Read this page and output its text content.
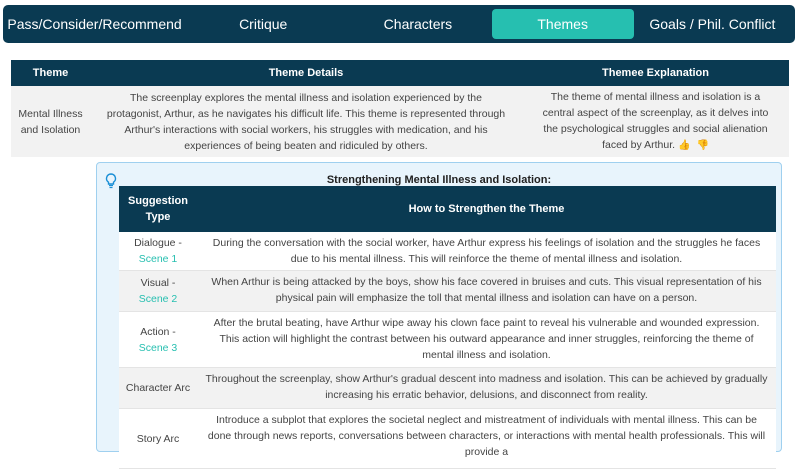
Pass/Consider/Recommend	Critique	Characters	Themes	Goals / Phil. Conflict
Theme	Theme Details	Themee Explanation
Mental Illness and Isolation	The screenplay explores the mental illness and isolation experienced by the protagonist, Arthur, as he navigates his difficult life. This theme is represented through Arthur's interactions with social workers, his struggles with medication, and his experiences of being beaten and ridiculed by others.	The theme of mental illness and isolation is a central aspect of the screenplay, as it delves into the psychological struggles and social alienation faced by Arthur. 👍 👎
Strengthening Mental Illness and Isolation:
Suggestion Type	How to Strengthen the Theme
Dialogue - Scene 1	During the conversation with the social worker, have Arthur express his feelings of isolation and the struggles he faces due to his mental illness. This will reinforce the theme of mental illness and isolation.
Visual - Scene 2	When Arthur is being attacked by the boys, show his face covered in bruises and cuts. This visual representation of his physical pain will emphasize the toll that mental illness and isolation can have on a person.
Action - Scene 3	After the brutal beating, have Arthur wipe away his clown face paint to reveal his vulnerable and wounded expression. This action will highlight the contrast between his outward appearance and inner struggles, reinforcing the theme of mental illness and isolation.
Character Arc	Throughout the screenplay, show Arthur's gradual descent into madness and isolation. This can be achieved by gradually increasing his erratic behavior, delusions, and disconnect from reality.
Story Arc	Introduce a subplot that explores the societal neglect and mistreatment of individuals with mental illness. This can be done through news reports, conversations between characters, or interactions with mental health professionals. This will provide a
